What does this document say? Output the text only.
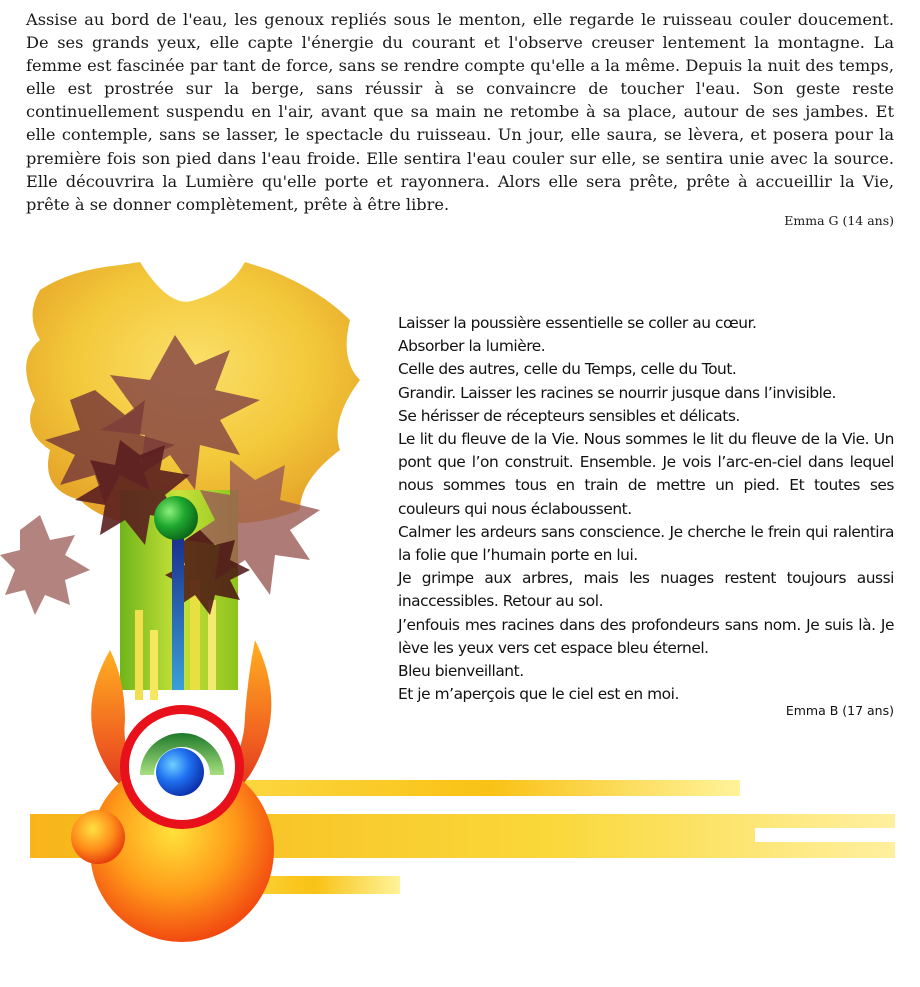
Assise au bord de l'eau, les genoux repliés sous le menton, elle regarde le ruisseau couler doucement. De ses grands yeux, elle capte l'énergie du courant et l'observe creuser lentement la montagne. La femme est fascinée par tant de force, sans se rendre compte qu'elle a la même. Depuis la nuit des temps, elle est prostrée sur la berge, sans réussir à se convaincre de toucher l'eau. Son geste reste continuellement suspendu en l'air, avant que sa main ne retombe à sa place, autour de ses jambes. Et elle contemple, sans se lasser, le spectacle du ruisseau. Un jour, elle saura, se lèvera, et posera pour la première fois son pied dans l'eau froide. Elle sentira l'eau couler sur elle, se sentira unie avec la source. Elle découvrira la Lumière qu'elle porte et rayonnera. Alors elle sera prête, prête à accueillir la Vie, prête à se donner complètement, prête à être libre.

Emma G (14 ans)
Laisser la poussière essentielle se coller au cœur.
Absorber la lumière.
Celle des autres, celle du Temps, celle du Tout.
Grandir. Laisser les racines se nourrir jusque dans l’invisible.
Se hérisser de récepteurs sensibles et délicats.
Le lit du fleuve de la Vie. Nous sommes le lit du fleuve de la Vie. Un pont que l’on construit. Ensemble. Je vois l’arc-en-ciel dans lequel nous sommes tous en train de mettre un pied. Et toutes ses couleurs qui nous éclaboussent.
Calmer les ardeurs sans conscience. Je cherche le frein qui ralentira la folie que l’humain porte en lui.
Je grimpe aux arbres, mais les nuages restent toujours aussi inaccessibles. Retour au sol.
J’enfouis mes racines dans des profondeurs sans nom. Je suis là. Je lève les yeux vers cet espace bleu éternel.
Bleu bienveillant.
Et je m’aperçois que le ciel est en moi.
Emma B (17 ans)
